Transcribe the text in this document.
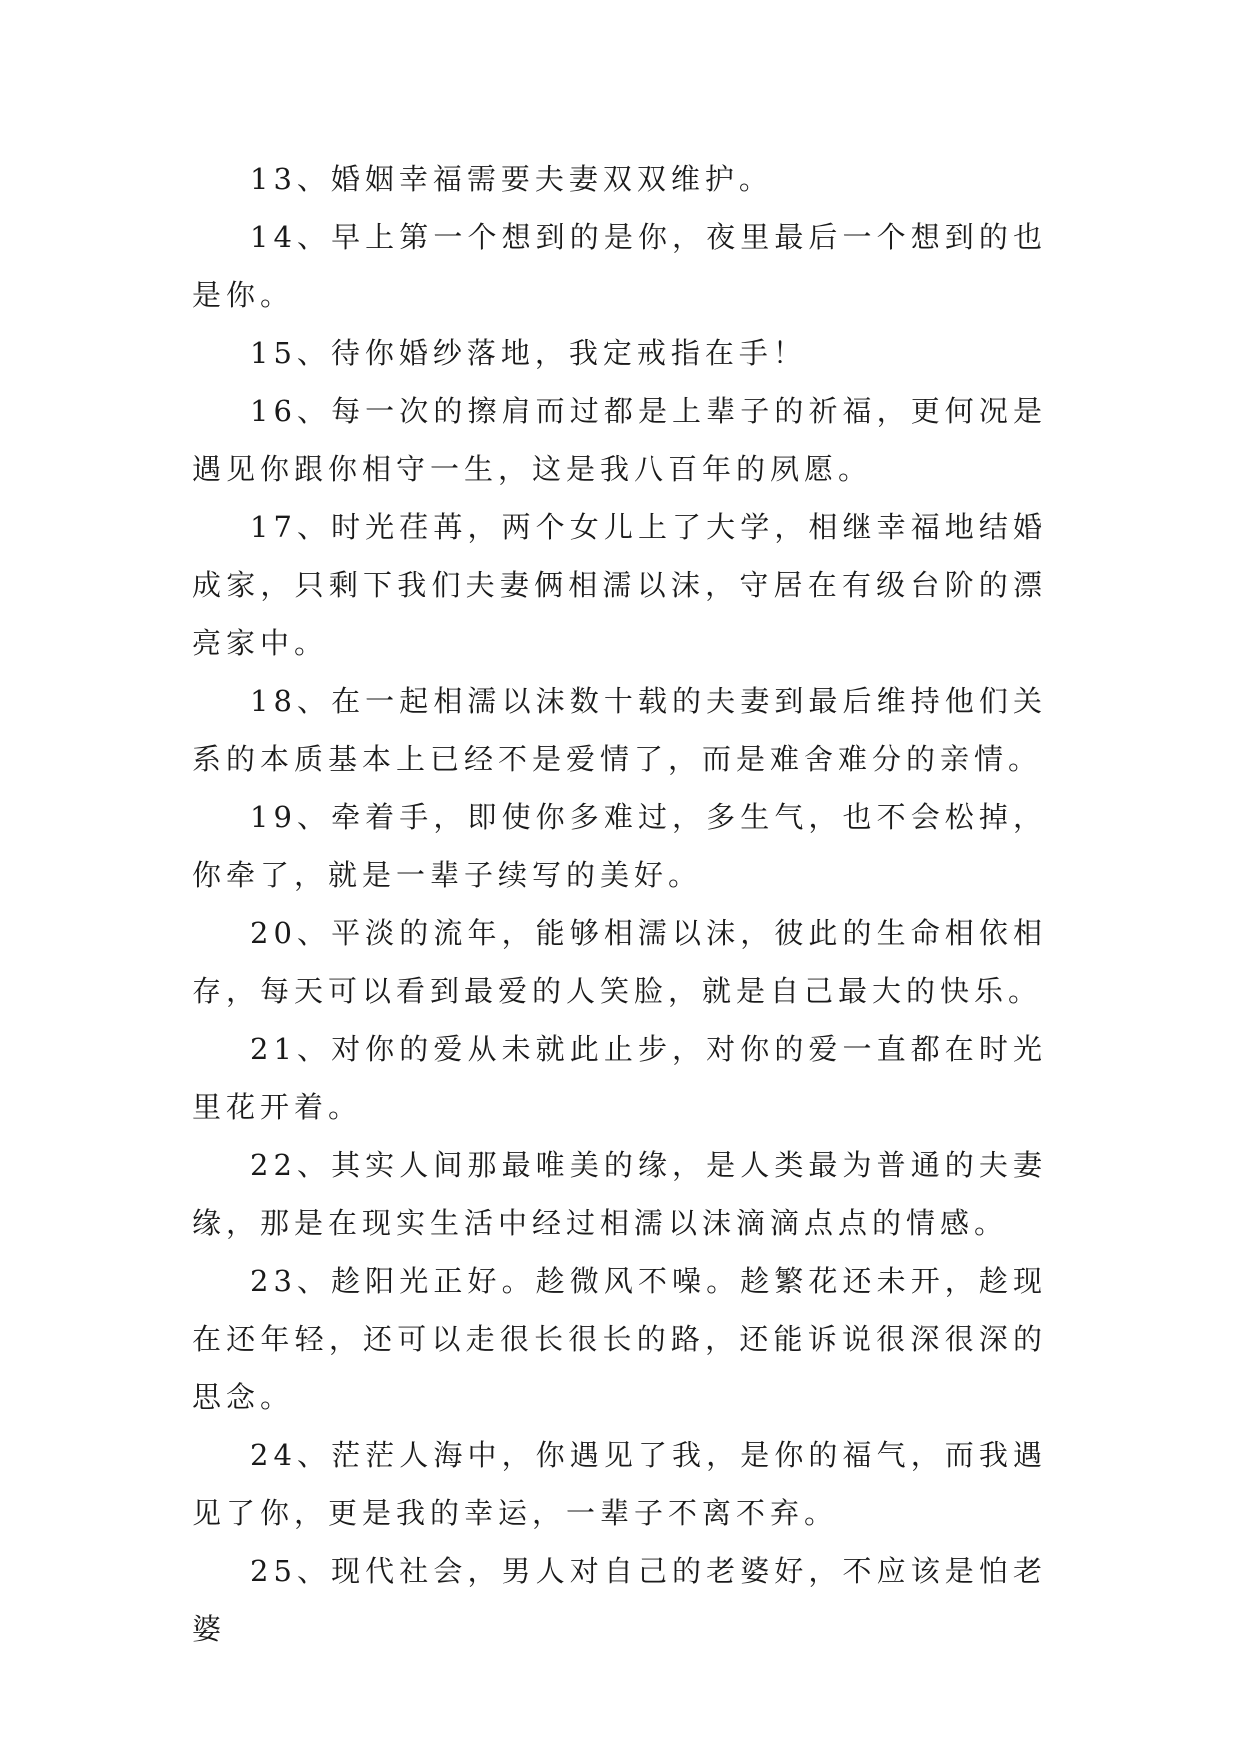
13、婚姻幸福需要夫妻双双维护。

14、早上第一个想到的是你，夜里最后一个想到的也是你。

15、待你婚纱落地，我定戒指在手！

16、每一次的擦肩而过都是上辈子的祈福，更何况是遇见你跟你相守一生，这是我八百年的夙愿。

17、时光荏苒，两个女儿上了大学，相继幸福地结婚成家，只剩下我们夫妻俩相濡以沫，守居在有级台阶的漂亮家中。

18、在一起相濡以沫数十载的夫妻到最后维持他们关系的本质基本上已经不是爱情了，而是难舍难分的亲情。

19、牵着手，即使你多难过，多生气，也不会松掉，你牵了，就是一辈子续写的美好。

20、平淡的流年，能够相濡以沫，彼此的生命相依相存，每天可以看到最爱的人笑脸，就是自己最大的快乐。

21、对你的爱从未就此止步，对你的爱一直都在时光里花开着。

22、其实人间那最唯美的缘，是人类最为普通的夫妻缘，那是在现实生活中经过相濡以沫滴滴点点的情感。

23、趁阳光正好。趁微风不噪。趁繁花还未开，趁现在还年轻，还可以走很长很长的路，还能诉说很深很深的思念。

24、茫茫人海中，你遇见了我，是你的福气，而我遇见了你，更是我的幸运，一辈子不离不弃。

25、现代社会，男人对自己的老婆好，不应该是怕老婆
